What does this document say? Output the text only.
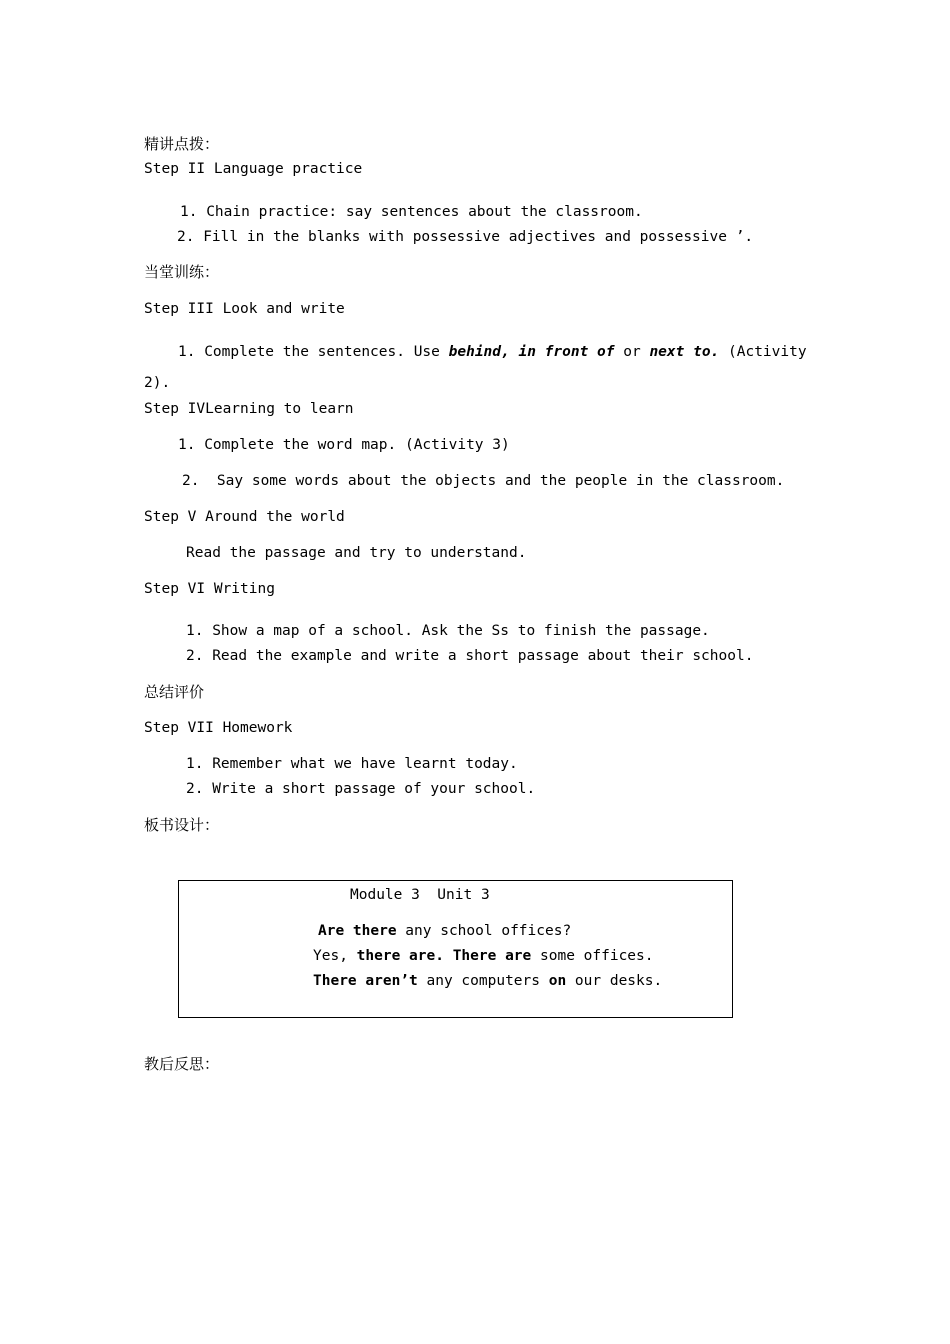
精讲点拨：
Step II Language practice
1. Chain practice: say sentences about the classroom.
2. Fill in the blanks with possessive adjectives and possessive ’.
当堂训练：
Step III Look and write
1. Complete the sentences. Use behind, in front of or next to. (Activity
2).
Step IVLearning to learn
1. Complete the word map. (Activity 3)
2.  Say some words about the objects and the people in the classroom.
Step V Around the world
Read the passage and try to understand.
Step VI Writing
1. Show a map of a school. Ask the Ss to finish the passage.
2. Read the example and write a short passage about their school.
总结评价
Step VII Homework
1. Remember what we have learnt today.
2. Write a short passage of your school.
板书设计：
Module 3  Unit 3
Are there any school offices?
Yes, there are. There are some offices.
There aren’t any computers on our desks.
教后反思：
